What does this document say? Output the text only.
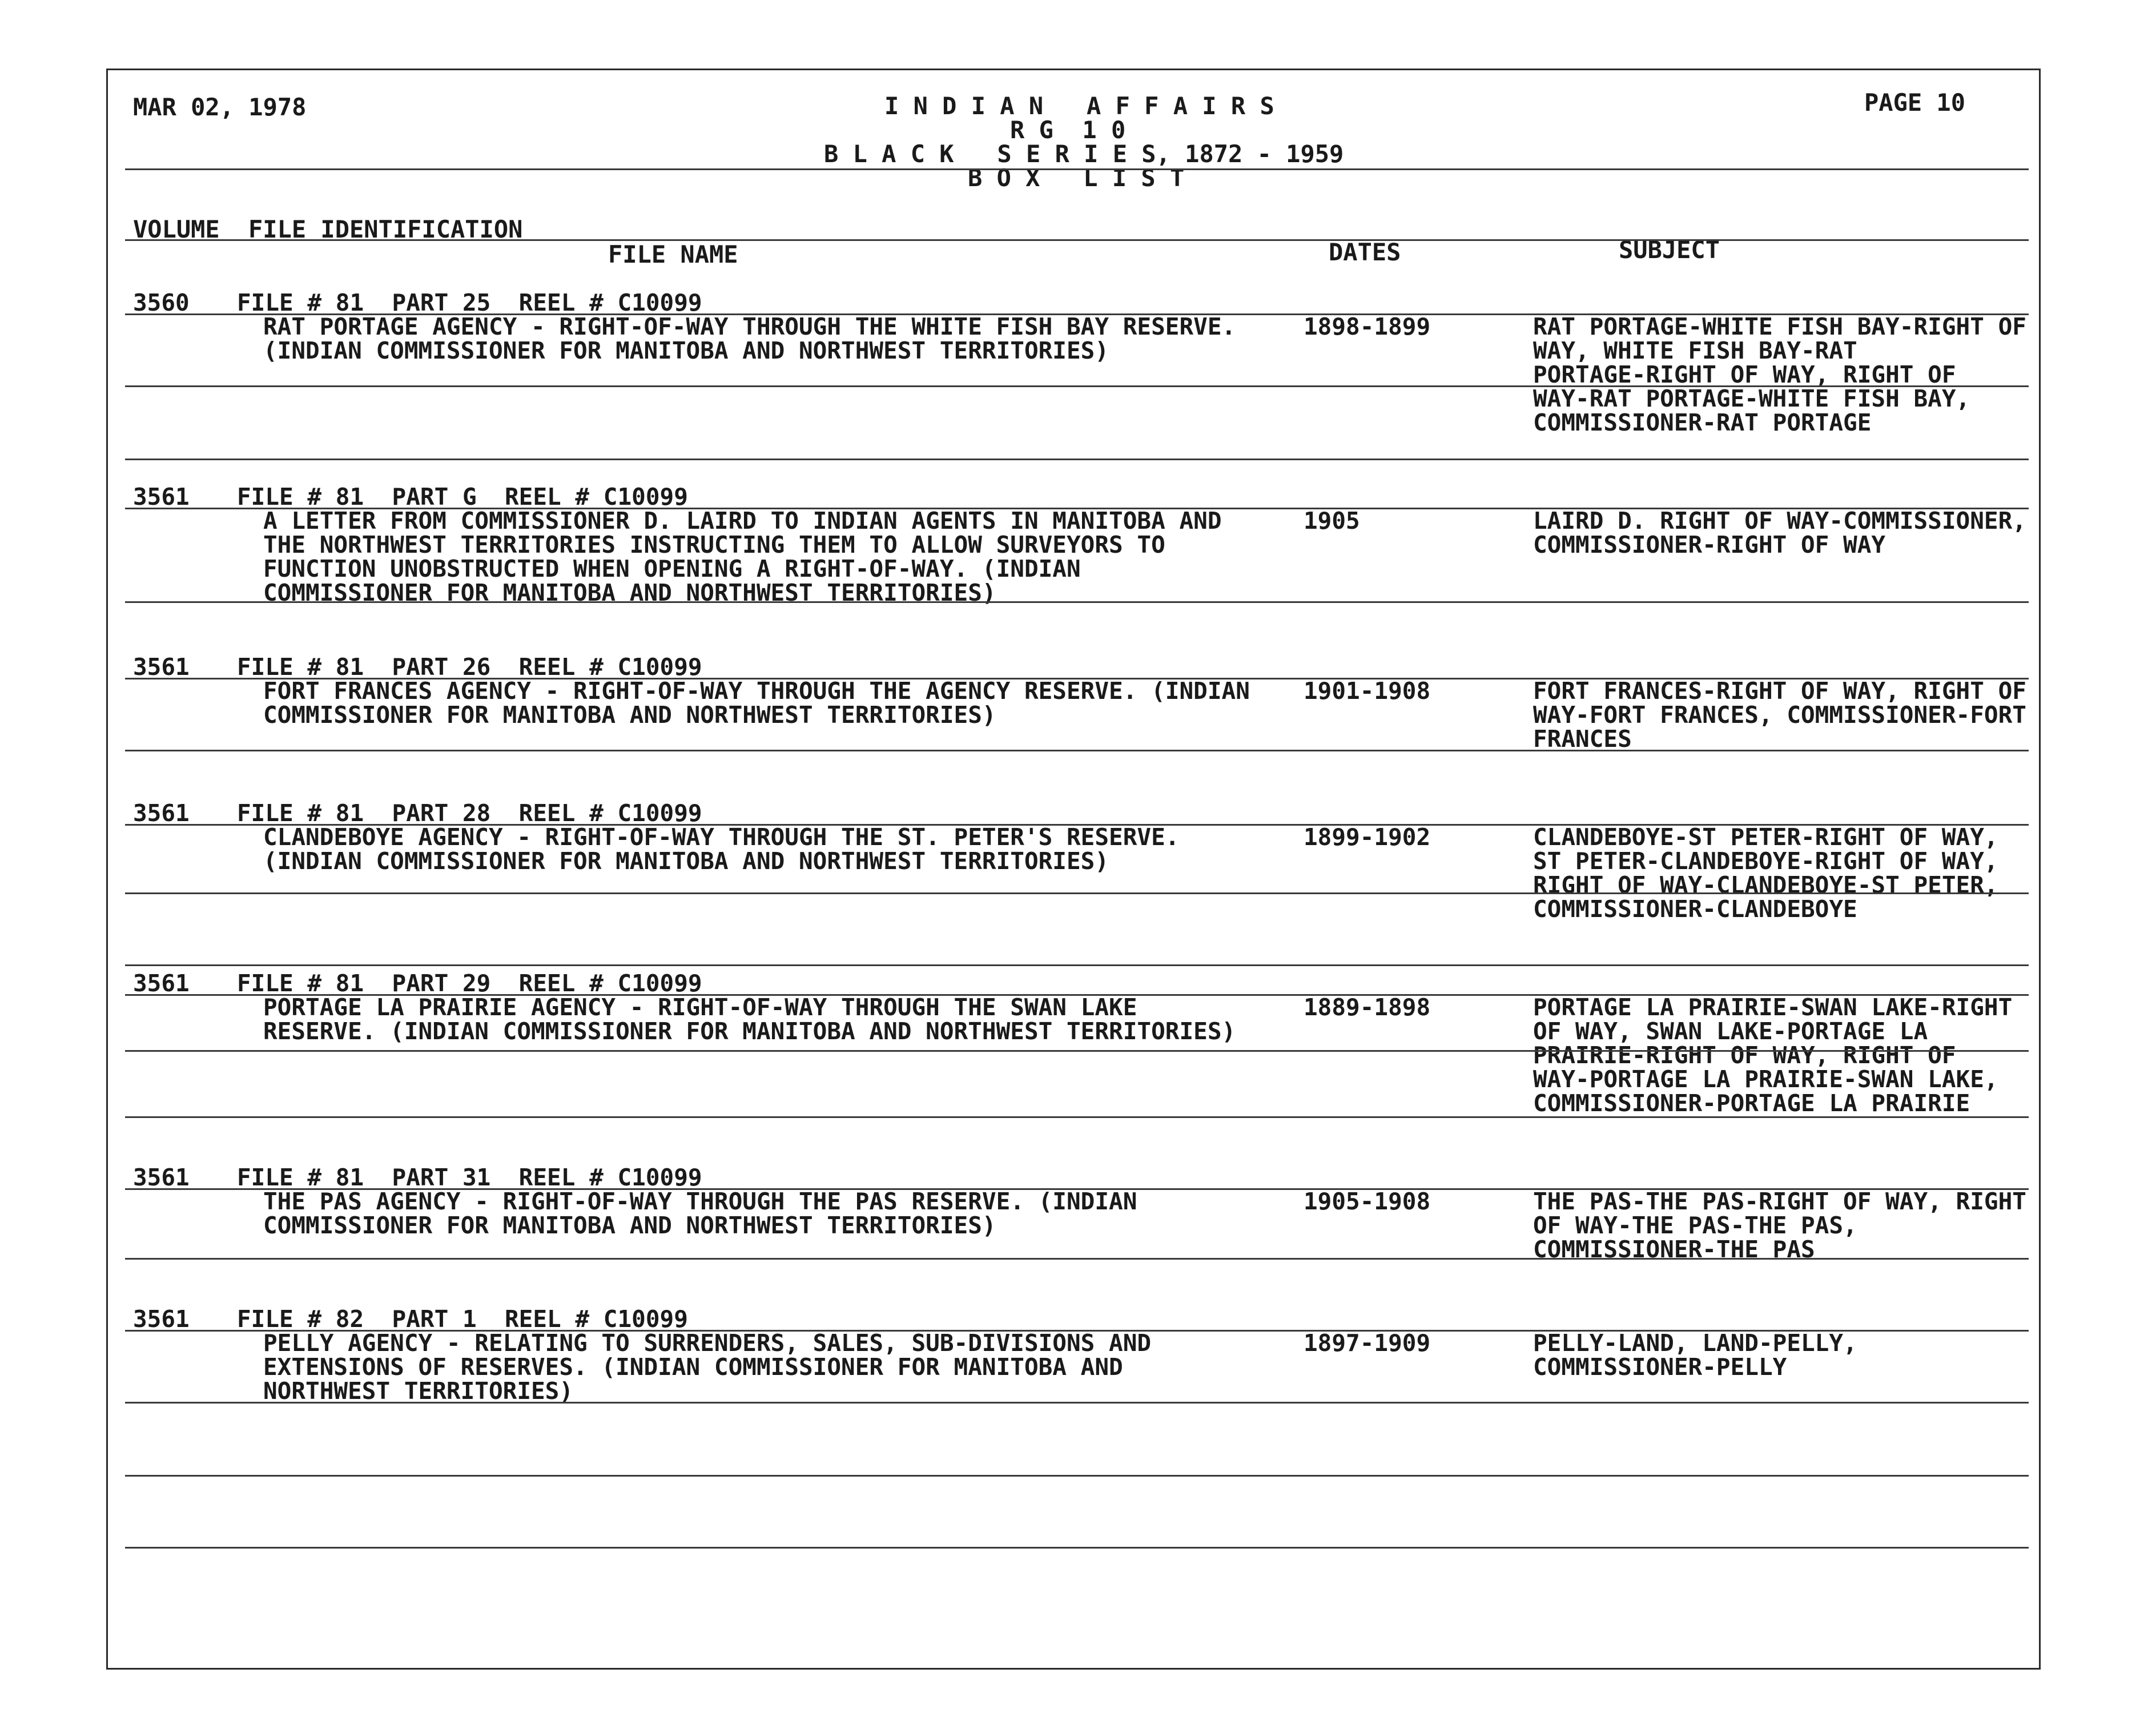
MAR 02, 1978	I N D I A N   A F F A I R S
R G  1 0
B L A C K   S E R I E S, 1872 - 1959
B O X   L I S T
PAGE 10
VOLUME FILE IDENTIFICATION
FILE NAME	DATES	SUBJECT
3560 FILE # 81  PART 25  REEL # C10099
RAT PORTAGE AGENCY - RIGHT-OF-WAY THROUGH THE WHITE FISH BAY RESERVE.
(INDIAN COMMISSIONER FOR MANITOBA AND NORTHWEST TERRITORIES)
1898-1899	RAT PORTAGE-WHITE FISH BAY-RIGHT OF
WAY, WHITE FISH BAY-RAT
PORTAGE-RIGHT OF WAY, RIGHT OF
WAY-RAT PORTAGE-WHITE FISH BAY,
COMMISSIONER-RAT PORTAGE
3561 FILE # 81  PART G  REEL # C10099
A LETTER FROM COMMISSIONER D. LAIRD TO INDIAN AGENTS IN MANITOBA AND
THE NORTHWEST TERRITORIES INSTRUCTING THEM TO ALLOW SURVEYORS TO
FUNCTION UNOBSTRUCTED WHEN OPENING A RIGHT-OF-WAY. (INDIAN
COMMISSIONER FOR MANITOBA AND NORTHWEST TERRITORIES)
1905	LAIRD D. RIGHT OF WAY-COMMISSIONER,
COMMISSIONER-RIGHT OF WAY
3561 FILE # 81  PART 26  REEL # C10099
FORT FRANCES AGENCY - RIGHT-OF-WAY THROUGH THE AGENCY RESERVE. (INDIAN
COMMISSIONER FOR MANITOBA AND NORTHWEST TERRITORIES)
1901-1908	FORT FRANCES-RIGHT OF WAY, RIGHT OF
WAY-FORT FRANCES, COMMISSIONER-FORT
FRANCES
3561 FILE # 81  PART 28  REEL # C10099
CLANDEBOYE AGENCY - RIGHT-OF-WAY THROUGH THE ST. PETER'S RESERVE.
(INDIAN COMMISSIONER FOR MANITOBA AND NORTHWEST TERRITORIES)
1899-1902	CLANDEBOYE-ST PETER-RIGHT OF WAY,
ST PETER-CLANDEBOYE-RIGHT OF WAY,
RIGHT OF WAY-CLANDEBOYE-ST PETER,
COMMISSIONER-CLANDEBOYE
3561 FILE # 81  PART 29  REEL # C10099
PORTAGE LA PRAIRIE AGENCY - RIGHT-OF-WAY THROUGH THE SWAN LAKE
RESERVE. (INDIAN COMMISSIONER FOR MANITOBA AND NORTHWEST TERRITORIES)
1889-1898	PORTAGE LA PRAIRIE-SWAN LAKE-RIGHT
OF WAY, SWAN LAKE-PORTAGE LA
PRAIRIE-RIGHT OF WAY, RIGHT OF
WAY-PORTAGE LA PRAIRIE-SWAN LAKE,
COMMISSIONER-PORTAGE LA PRAIRIE
3561 FILE # 81  PART 31  REEL # C10099
THE PAS AGENCY - RIGHT-OF-WAY THROUGH THE PAS RESERVE. (INDIAN
COMMISSIONER FOR MANITOBA AND NORTHWEST TERRITORIES)
1905-1908	THE PAS-THE PAS-RIGHT OF WAY, RIGHT
OF WAY-THE PAS-THE PAS,
COMMISSIONER-THE PAS
3561 FILE # 82  PART 1  REEL # C10099
PELLY AGENCY - RELATING TO SURRENDERS, SALES, SUB-DIVISIONS AND
EXTENSIONS OF RESERVES. (INDIAN COMMISSIONER FOR MANITOBA AND
NORTHWEST TERRITORIES)
1897-1909	PELLY-LAND, LAND-PELLY,
COMMISSIONER-PELLY
